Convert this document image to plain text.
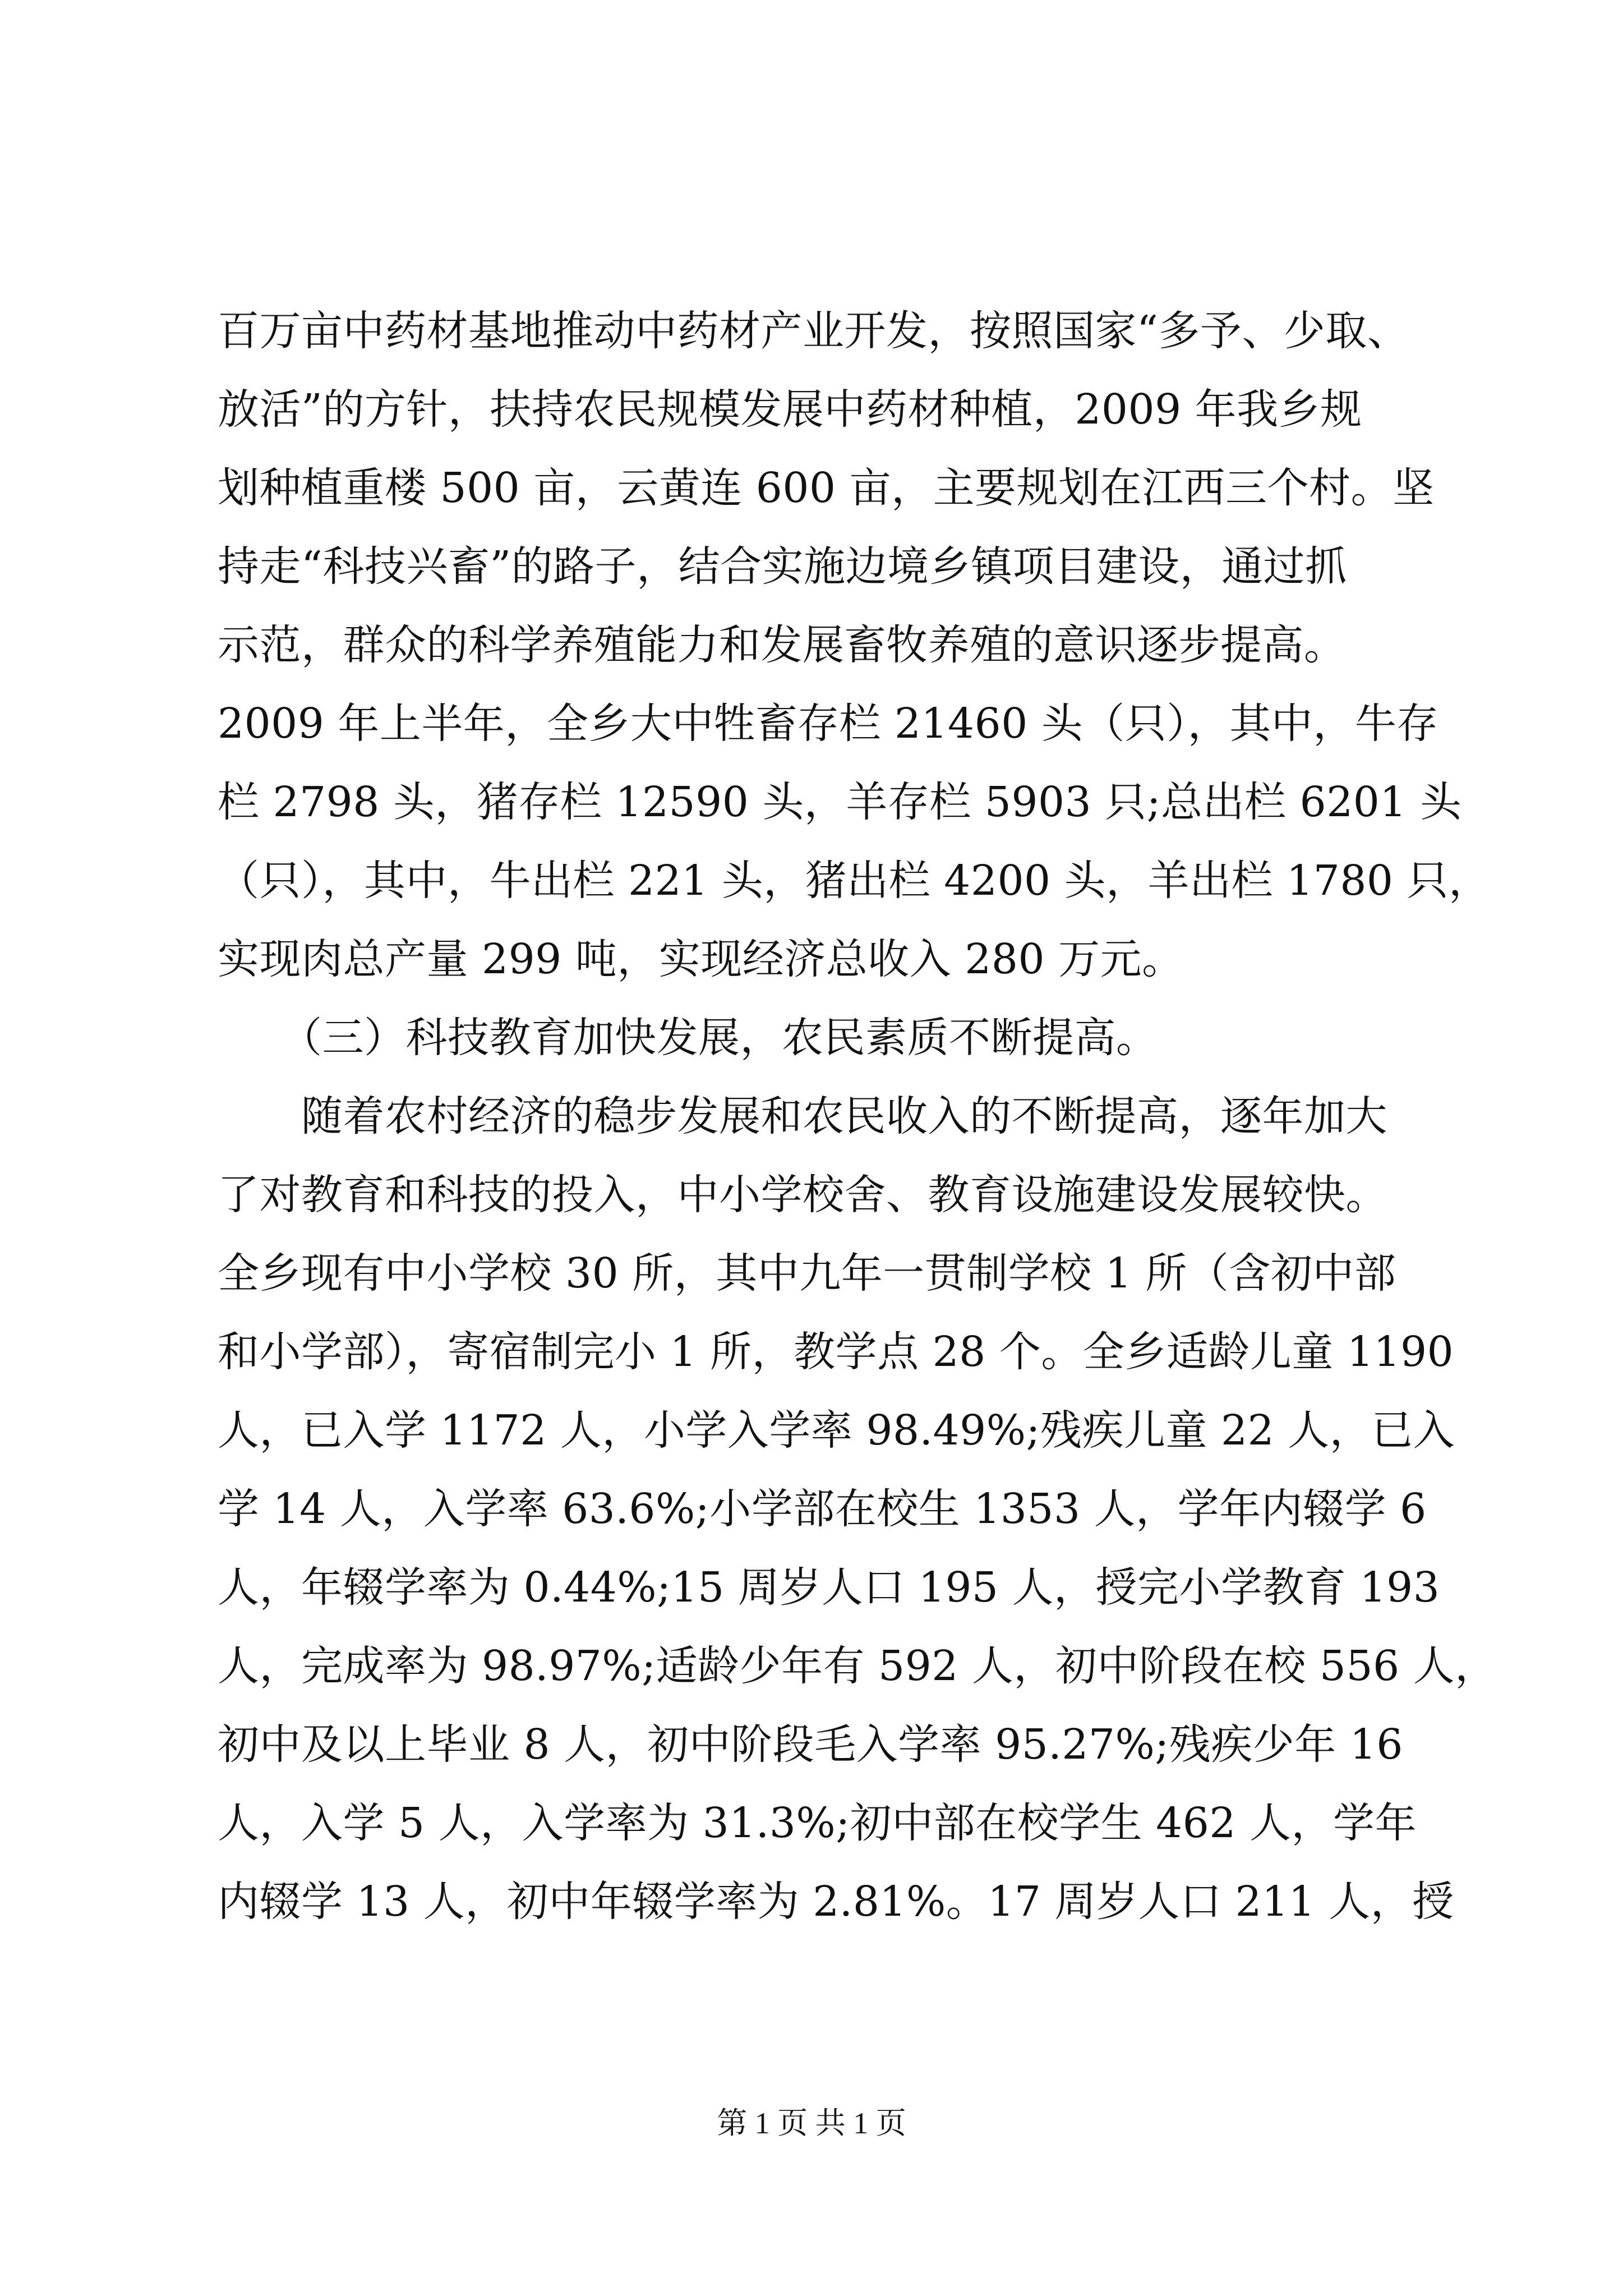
百万亩中药材基地推动中药材产业开发，按照国家“多予、少取、
放活”的方针，扶持农民规模发展中药材种植，2009 年我乡规
划种植重楼 500 亩，云黄连 600 亩，主要规划在江西三个村。坚
持走“科技兴畜”的路子，结合实施边境乡镇项目建设，通过抓
示范，群众的科学养殖能力和发展畜牧养殖的意识逐步提高。
2009 年上半年，全乡大中牲畜存栏 21460 头（只），其中，牛存
栏 2798 头，猪存栏 12590 头，羊存栏 5903 只;总出栏 6201 头
（只），其中，牛出栏 221 头，猪出栏 4200 头，羊出栏 1780 只，
实现肉总产量 299 吨，实现经济总收入 280 万元。
　　（三）科技教育加快发展，农民素质不断提高。
　　随着农村经济的稳步发展和农民收入的不断提高，逐年加大
了对教育和科技的投入，中小学校舍、教育设施建设发展较快。
全乡现有中小学校 30 所，其中九年一贯制学校 1 所（含初中部
和小学部），寄宿制完小 1 所，教学点 28 个。全乡适龄儿童 1190
人，已入学 1172 人，小学入学率 98.49%;残疾儿童 22 人，已入
学 14 人，入学率 63.6%;小学部在校生 1353 人，学年内辍学 6
人，年辍学率为 0.44%;15 周岁人口 195 人，授完小学教育 193
人，完成率为 98.97%;适龄少年有 592 人，初中阶段在校 556 人，
初中及以上毕业 8 人，初中阶段毛入学率 95.27%;残疾少年 16
人，入学 5 人，入学率为 31.3%;初中部在校学生 462 人，学年
内辍学 13 人，初中年辍学率为 2.81%。17 周岁人口 211 人，授
第 1 页 共 1 页
